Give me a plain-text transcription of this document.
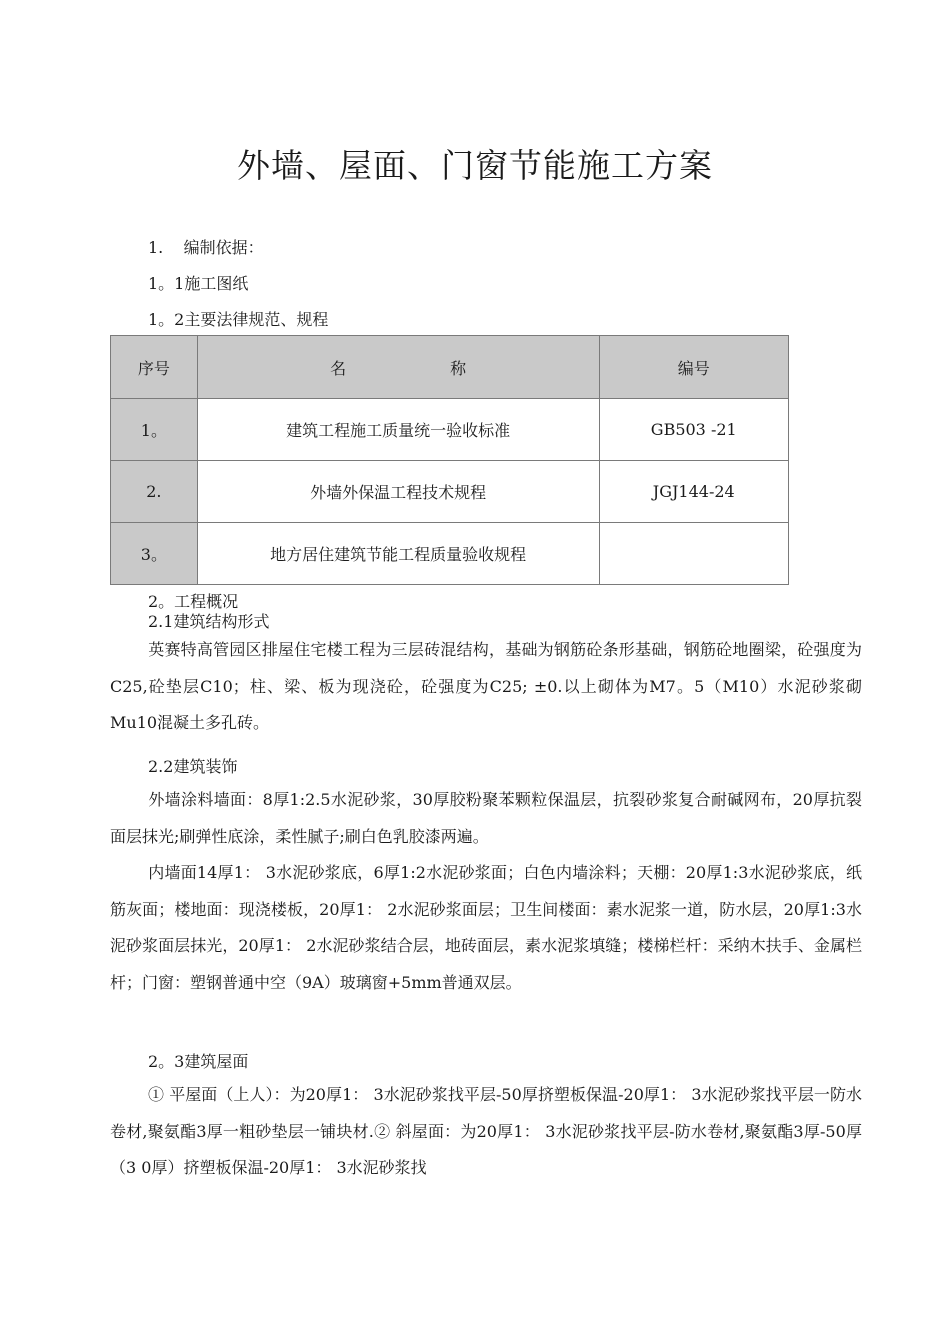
外墙、屋面、门窗节能施工方案
1.    编制依据：
1。1施工图纸
1。2主要法律规范、规程
序号	名 称	编号
1。	建筑工程施工质量统一验收标准	GB503 -21
2.	外墙外保温工程技术规程	JGJ144-24
3。	地方居住建筑节能工程质量验收规程	
2。工程概况
2.1建筑结构形式
英赛特高管园区排屋住宅楼工程为三层砖混结构，基础为钢筋砼条形基础，钢筋砼地圈梁，砼强度为C25,砼垫层C10；柱、梁、板为现浇砼，砼强度为C25; ±0.以上砌体为M7。5（M10）水泥砂浆砌Mu10混凝土多孔砖。
2.2建筑装饰
外墙涂料墙面：8厚1:2.5水泥砂浆，30厚胶粉聚苯颗粒保温层，抗裂砂浆复合耐碱网布，20厚抗裂面层抹光;刷弹性底涂，柔性腻子;刷白色乳胶漆两遍。
内墙面14厚1： 3水泥砂浆底，6厚1:2水泥砂浆面；白色内墙涂料；天棚：20厚1:3水泥砂浆底，纸筋灰面；楼地面：现浇楼板，20厚1： 2水泥砂浆面层；卫生间楼面：素水泥浆一道，防水层，20厚1:3水泥砂浆面层抹光，20厚1： 2水泥砂浆结合层，地砖面层，素水泥浆填缝；楼梯栏杆：采纳木扶手、金属栏杆；门窗：塑钢普通中空（9A）玻璃窗+5mm普通双层。
2。3建筑屋面
① 平屋面（上人）：为20厚1： 3水泥砂浆找平层-50厚挤塑板保温-20厚1： 3水泥砂浆找平层一防水卷材,聚氨酯3厚一粗砂垫层一铺块材.② 斜屋面：为20厚1： 3水泥砂浆找平层-防水卷材,聚氨酯3厚-50厚（3 0厚）挤塑板保温-20厚1： 3水泥砂浆找
